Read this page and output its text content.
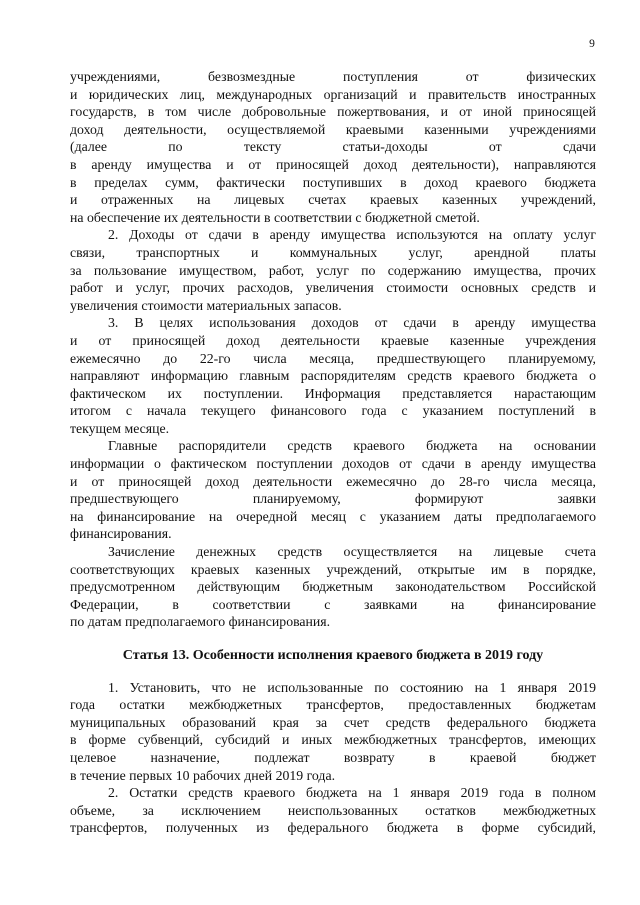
9
учреждениями, безвозмездные поступления от физических
и юридических лиц, международных организаций и правительств иностранных
государств, в том числе добровольные пожертвования, и от иной приносящей
доход деятельности, осуществляемой краевыми казенными учреждениями
(далее по тексту статьи-доходы от сдачи
в аренду имущества и от приносящей доход деятельности), направляются
в пределах сумм, фактически поступивших в доход краевого бюджета
и отраженных на лицевых счетах краевых казенных учреждений,
на обеспечение их деятельности в соответствии с бюджетной сметой.
2. Доходы от сдачи в аренду имущества используются на оплату услуг
связи, транспортных и коммунальных услуг, арендной платы
за пользование имуществом, работ, услуг по содержанию имущества, прочих
работ и услуг, прочих расходов, увеличения стоимости основных средств и
увеличения стоимости материальных запасов.
3. В целях использования доходов от сдачи в аренду имущества
и от приносящей доход деятельности краевые казенные учреждения
ежемесячно до 22-го числа месяца, предшествующего планируемому,
направляют информацию главным распорядителям средств краевого бюджета о
фактическом их поступлении. Информация представляется нарастающим
итогом с начала текущего финансового года с указанием поступлений в
текущем месяце.
Главные распорядители средств краевого бюджета на основании
информации о фактическом поступлении доходов от сдачи в аренду имущества
и от приносящей доход деятельности ежемесячно до 28-го числа месяца,
предшествующего планируемому, формируют заявки
на финансирование на очередной месяц с указанием даты предполагаемого
финансирования.
Зачисление денежных средств осуществляется на лицевые счета
соответствующих краевых казенных учреждений, открытые им в порядке,
предусмотренном действующим бюджетным законодательством Российской
Федерации, в соответствии с заявками на финансирование
по датам предполагаемого финансирования.
Статья 13. Особенности исполнения краевого бюджета в 2019 году
1. Установить, что не использованные по состоянию на 1 января 2019
года остатки межбюджетных трансфертов, предоставленных бюджетам
муниципальных образований края за счет средств федерального бюджета
в форме субвенций, субсидий и иных межбюджетных трансфертов, имеющих
целевое назначение, подлежат возврату в краевой бюджет
в течение первых 10 рабочих дней 2019 года.
2. Остатки средств краевого бюджета на 1 января 2019 года в полном
объеме, за исключением неиспользованных остатков межбюджетных
трансфертов, полученных из федерального бюджета в форме субсидий,
